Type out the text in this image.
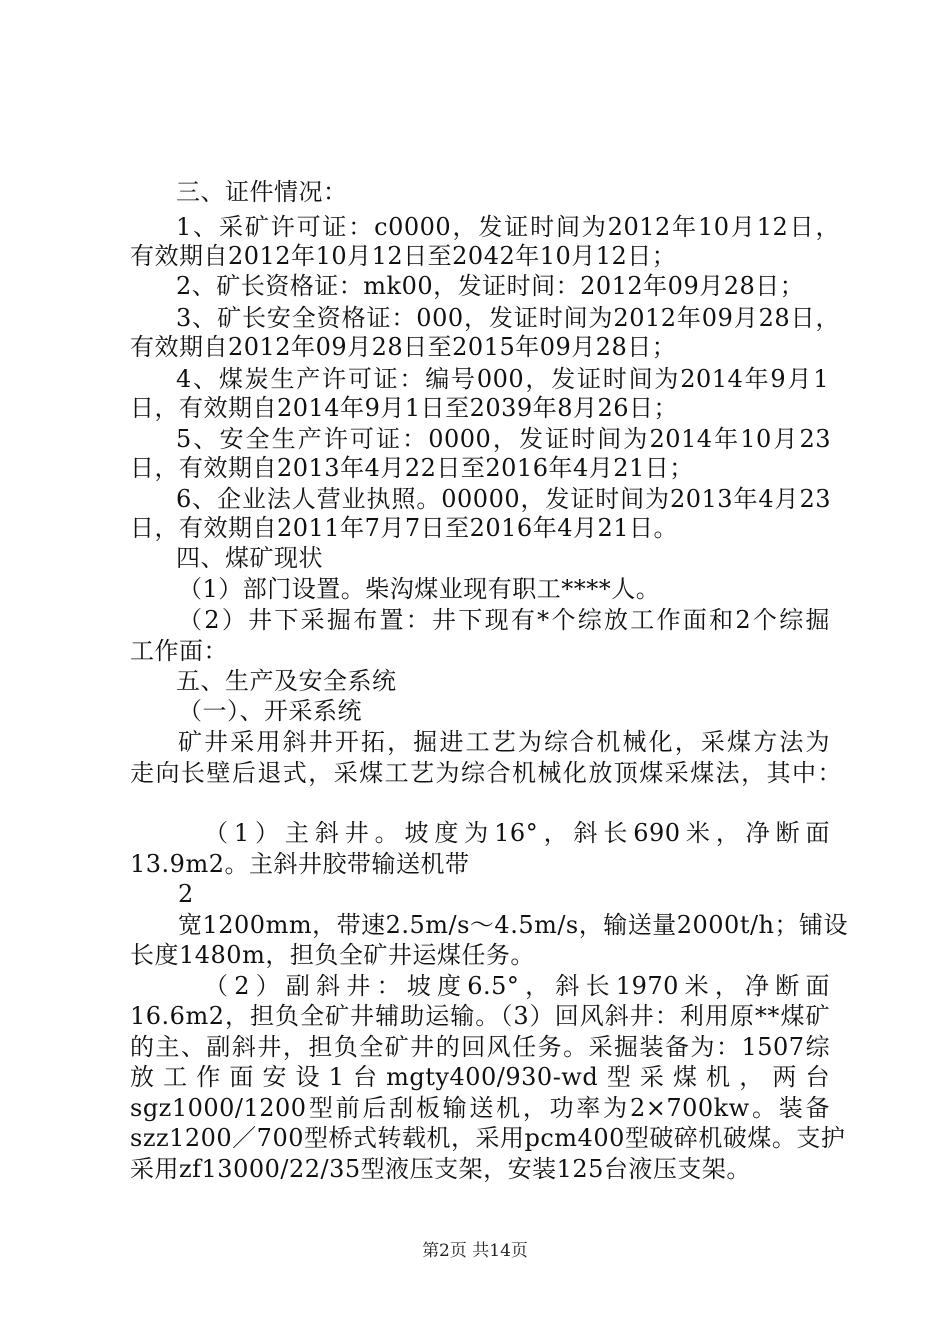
三、证件情况：
1、采矿许可证：c0000，发证时间为2012年10月12日，
有效期自2012年10月12日至2042年10月12日；
2、矿长资格证：mk00，发证时间：2012年09月28日；
3、矿长安全资格证：000，发证时间为2012年09月28日，
有效期自2012年09月28日至2015年09月28日；
4、煤炭生产许可证：编号000，发证时间为2014年9月1
日，有效期自2014年9月1日至2039年8月26日；
5、安全生产许可证：0000，发证时间为2014年10月23
日，有效期自2013年4月22日至2016年4月21日；
6、企业法人营业执照。00000，发证时间为2013年4月23
日，有效期自2011年7月7日至2016年4月21日。
四、煤矿现状
（1）部门设置。柴沟煤业现有职工****人。
（2）井下采掘布置：井下现有*个综放工作面和2个综掘
工作面：
五、生产及安全系统
（一）、开采系统
矿井采用斜井开拓，掘进工艺为综合机械化，采煤方法为
走向长壁后退式，采煤工艺为综合机械化放顶煤采煤法，其中：
（1）主斜井。坡度为16°，斜长690米，净断面
13.9m2。主斜井胶带输送机带
2
宽1200mm，带速2.5m/s～4.5m/s，输送量2000t/h；铺设
长度1480m，担负全矿井运煤任务。
（2）副斜井：坡度6.5°，斜长1970米，净断面
16.6m2，担负全矿井辅助运输。（3）回风斜井：利用原**煤矿
的主、副斜井，担负全矿井的回风任务。采掘装备为：1507综
放工作面安设1台mgty400/930-wd型采煤机，两台
sgz1000/1200型前后刮板输送机，功率为2×700kw。装备
szz1200／700型桥式转载机，采用pcm400型破碎机破煤。支护
采用zf13000/22/35型液压支架，安装125台液压支架。
第2页 共14页
